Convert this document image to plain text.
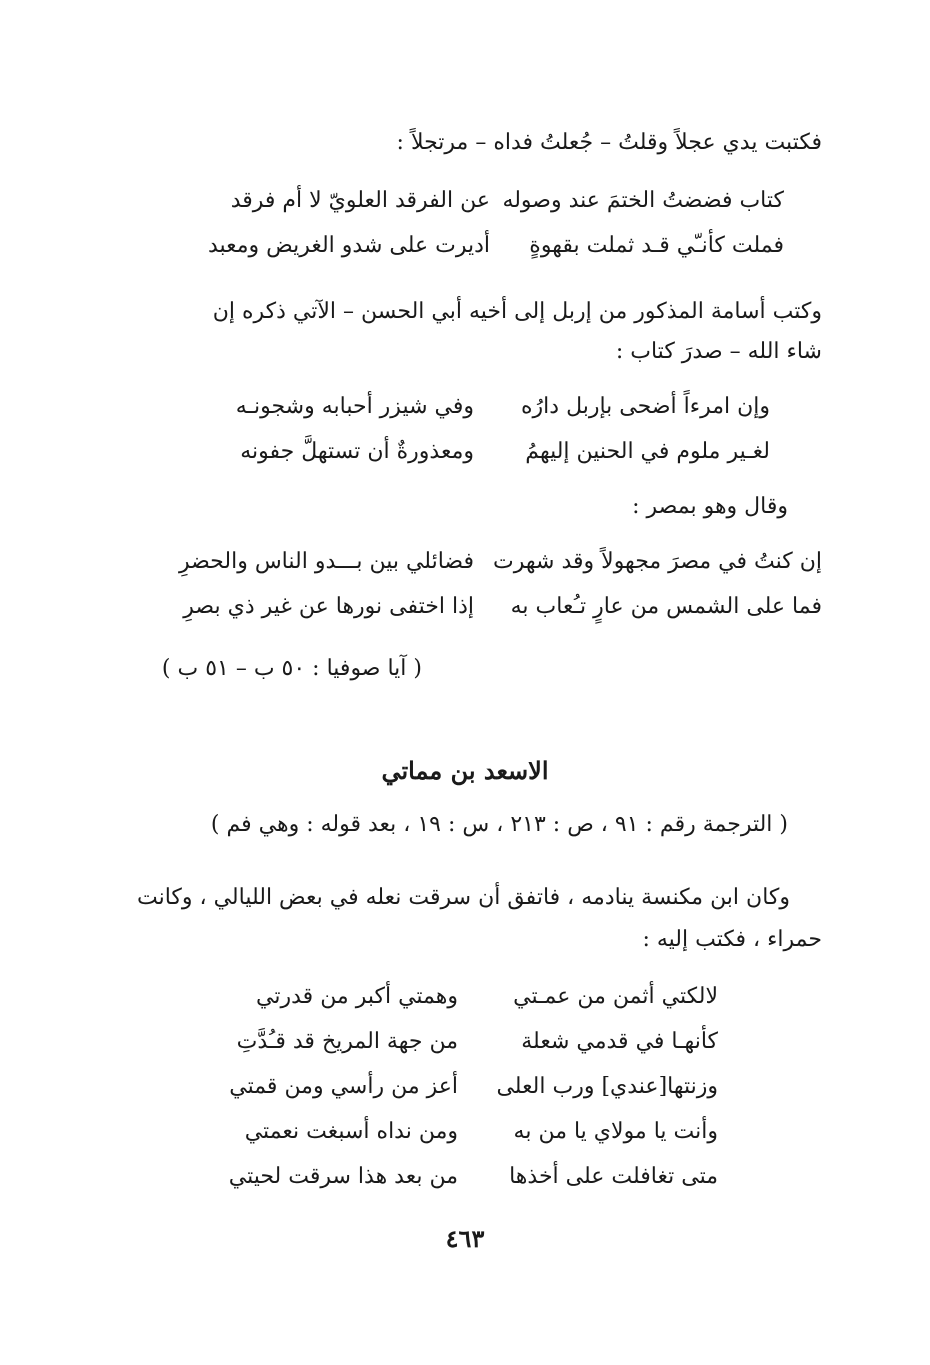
فكتبت يدي عجلاً وقلتُ – جُعلتُ فداه – مرتجلاً :
كتاب فضضتُ الختمَ عند وصوله
عن الفرقد العلويّ لا أم فرقد
فملت كأنـّي قـد ثملت بقهوةٍ
أديرت على شدو الغريض ومعبد
وكتب أسامة المذكور من إربل إلى أخيه أبي الحسن – الآتي ذكره إن
شاء الله – صدرَ كتاب :
وإن امرءاً أضحى بإربل دارُه
وفي شيزر أحبابه وشجونـه
لغـير ملوم في الحنين إليهمُ
ومعذورةٌ أن تستهلَّ جفونه
وقال وهو بمصر :
إن كنتُ في مصرَ مجهولاً وقد شهرت
فضائلي بين بـــدو الناس والحضرِ
فما على الشمس من عارٍ تـُعاب به
إذا اختفى نورها عن غير ذي بصرِ
( آيا صوفيا : ٥٠ ب – ٥١ ب )
الاسعد بن مماتي
( الترجمة رقم : ٩١ ، ص : ٢١٣ ، س : ١٩ ، بعد قوله : وهي فم )
وكان ابن مكنسة ينادمه ، فاتفق أن سرقت نعله في بعض الليالي ، وكانت
حمراء ، فكتب إليه :
لالكتي أثمن من عمـتي
وهمتي أكبر من قدرتي
كأنهـا في قدمي شعلة
من جهة المريخ قد قـُدَّتِ
وزنتها[عندي] ورب العلى
أعز من رأسي ومن قمتي
وأنت يا مولاي يا من به
ومن نداه أسبغت نعمتي
متى تغافلت على أخذها
من بعد هذا سرقت لحيتي
٤٦٣
